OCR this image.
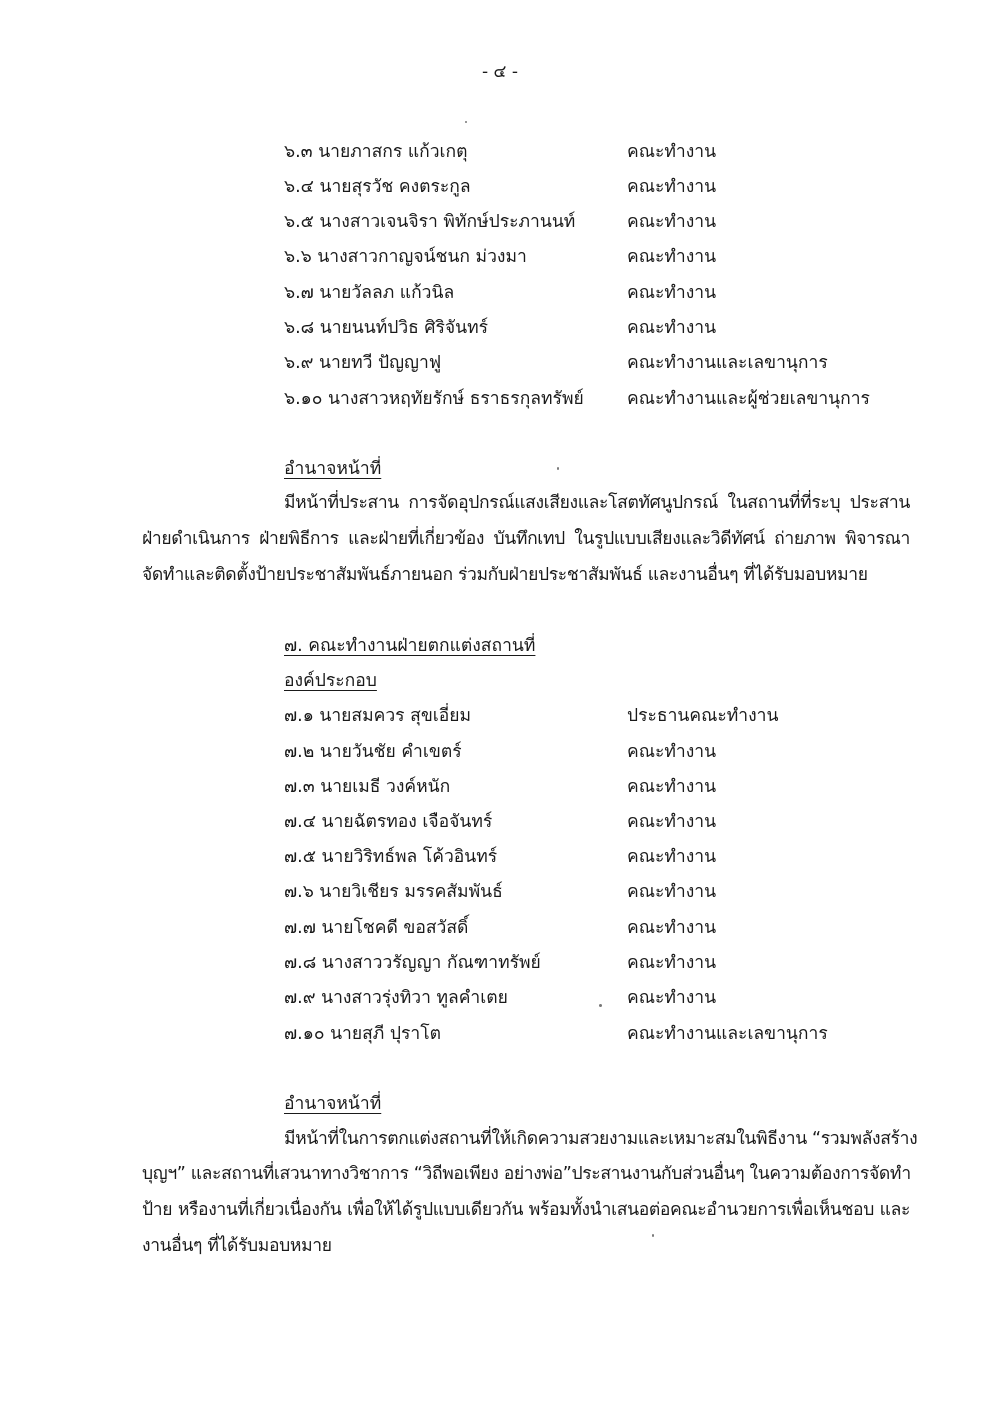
- ๔ -
๖.๓ นายภาสกร แก้วเกตุ	คณะทำงาน
๖.๔ นายสุรวัช คงตระกูล	คณะทำงาน
๖.๕ นางสาวเจนจิรา พิทักษ์ประภานนท์	คณะทำงาน
๖.๖ นางสาวกาญจน์ชนก ม่วงมา	คณะทำงาน
๖.๗ นายวัลลภ แก้วนิล	คณะทำงาน
๖.๘ นายนนท์ปวิธ ศิริจันทร์	คณะทำงาน
๖.๙ นายทวี ปัญญาฟู	คณะทำงานและเลขานุการ
๖.๑๐ นางสาวหฤทัยรักษ์ ธราธรกุลทรัพย์ คณะทำงานและผู้ช่วยเลขานุการ
อำนาจหน้าที่
มีหน้าที่ประสาน การจัดอุปกรณ์แสงเสียงและโสตทัศนูปกรณ์ ในสถานที่ที่ระบุ ประสาน
ฝ่ายดำเนินการ ฝ่ายพิธีการ และฝ่ายที่เกี่ยวข้อง บันทึกเทป ในรูปแบบเสียงและวิดีทัศน์ ถ่ายภาพ พิจารณา
จัดทำและติดตั้งป้ายประชาสัมพันธ์ภายนอก ร่วมกับฝ่ายประชาสัมพันธ์ และงานอื่นๆ ที่ได้รับมอบหมาย
๗. คณะทำงานฝ่ายตกแต่งสถานที่
องค์ประกอบ
๗.๑ นายสมควร สุขเอี่ยม	ประธานคณะทำงาน
๗.๒ นายวันชัย คำเขตร์	คณะทำงาน
๗.๓ นายเมธี วงค์หนัก	คณะทำงาน
๗.๔ นายฉัตรทอง เจือจันทร์	คณะทำงาน
๗.๕ นายวิริทธ์พล โค้วอินทร์	คณะทำงาน
๗.๖ นายวิเชียร มรรคสัมพันธ์	คณะทำงาน
๗.๗ นายโชคดี ขอสวัสดิ์	คณะทำงาน
๗.๘ นางสาววรัญญา กัณฑาทรัพย์	คณะทำงาน
๗.๙ นางสาวรุ่งทิวา ทูลคำเตย	คณะทำงาน
๗.๑๐ นายสุภี ปุราโต	คณะทำงานและเลขานุการ
อำนาจหน้าที่
มีหน้าที่ในการตกแต่งสถานที่ให้เกิดความสวยงามและเหมาะสมในพิธีงาน “รวมพลังสร้าง
บุญฯ” และสถานที่เสวนาทางวิชาการ “วิถีพอเพียง อย่างพ่อ”ประสานงานกับส่วนอื่นๆ ในความต้องการจัดทำ
ป้าย หรืองานที่เกี่ยวเนื่องกัน เพื่อให้ได้รูปแบบเดียวกัน พร้อมทั้งนำเสนอต่อคณะอำนวยการเพื่อเห็นชอบ และ
งานอื่นๆ ที่ได้รับมอบหมาย
